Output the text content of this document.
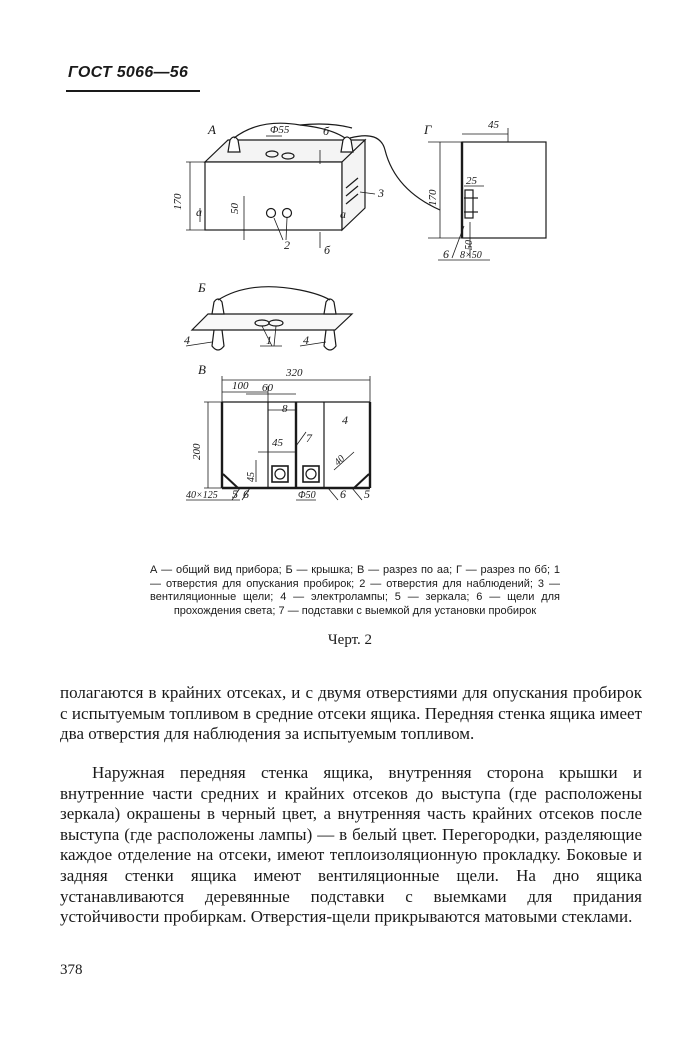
ГОСТ 5066—56
А	Г
Б
В
Φ55	б
170
а 50	а
3
2	б
45
170
25
50
6 8×50
4	1	4
320
100 60
8
4
200
45 7
45
40
40×125 5 6	Φ50 6 5
А — общий вид прибора; Б — крышка; В — разрез по аа; Г — разрез по бб; 1 — отверстия для опускания пробирок; 2 — отверстия для наблюдений; 3 — вентиляционные щели; 4 — электролампы; 5 — зеркала; 6 — щели для прохождения света; 7 — подставки с выемкой для установки пробирок
Черт. 2
полагаются в крайних отсеках, и с двумя отверстиями для опускания пробирок с испытуемым топливом в средние отсеки ящика. Передняя стенка ящика имеет два отверстия для наблюдения за испытуемым топливом.
Наружная передняя стенка ящика, внутренняя сторона крышки и внутренние части средних и крайних отсеков до выступа (где расположены зеркала) окрашены в черный цвет, а внутренняя часть крайних отсеков после выступа (где расположены лампы) — в белый цвет. Перегородки, разделяющие каждое отделение на отсеки, имеют теплоизоляционную прокладку. Боковые и задняя стенки ящика имеют вентиляционные щели. На дно ящика устанавливаются деревянные подставки с выемками для придания устойчивости пробиркам. Отверстия-щели прикрываются матовыми стеклами.
378
